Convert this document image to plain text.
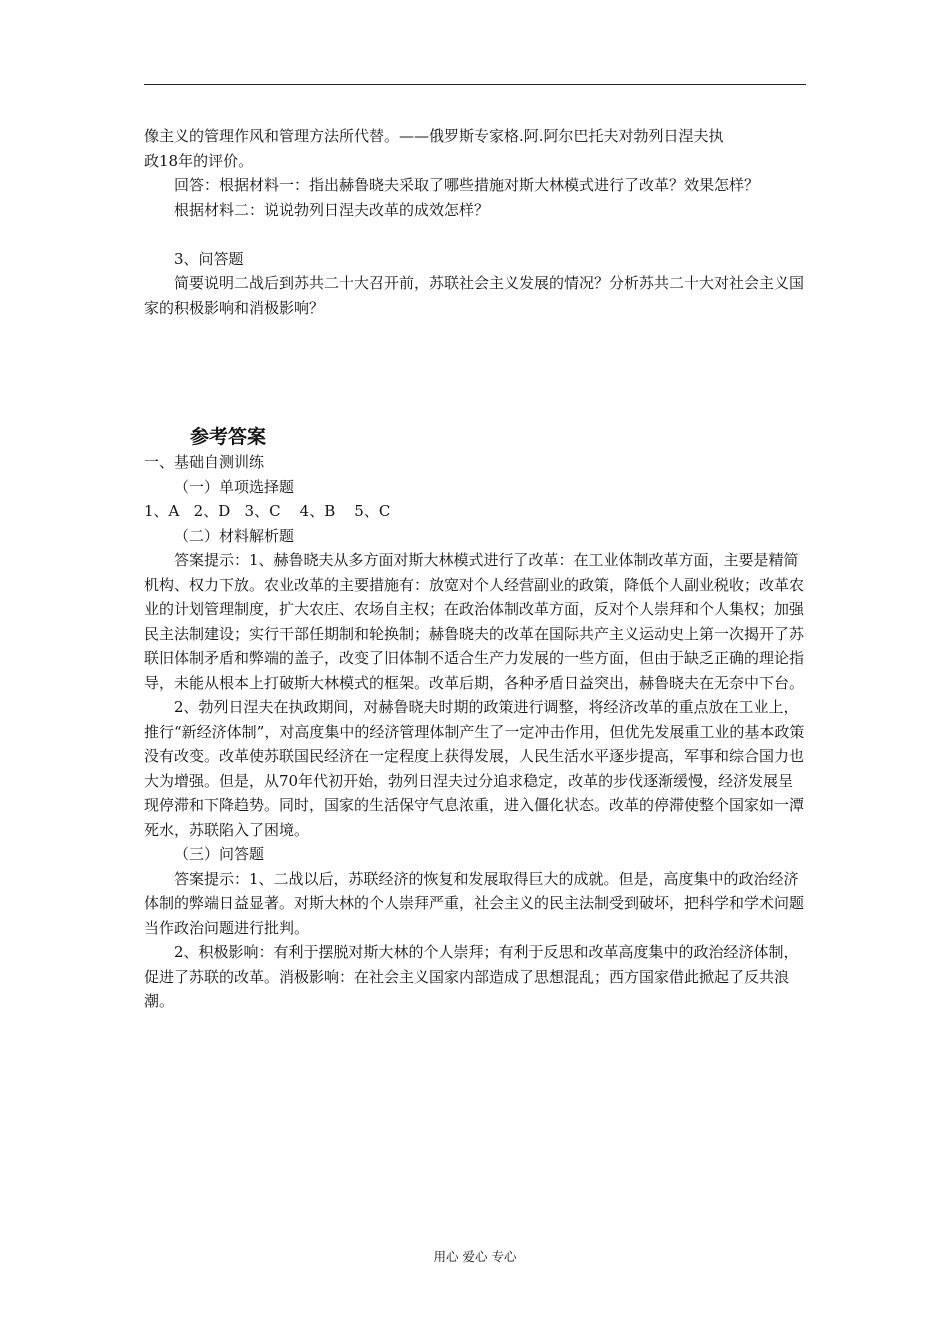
像主义的管理作风和管理方法所代替。——俄罗斯专家格.阿.阿尔巴托夫对勃列日涅夫执

政18年的评价。

回答：根据材料一：指出赫鲁晓夫采取了哪些措施对斯大林模式进行了改革？效果怎样？

根据材料二：说说勃列日涅夫改革的成效怎样？

3、问答题

简要说明二战后到苏共二十大召开前，苏联社会主义发展的情况？分析苏共二十大对社会主义国家的积极影响和消极影响？

参考答案

一、基础自测训练

（一）单项选择题

1、A   2、D   3、C    4、B    5、C

（二）材料解析题

答案提示：1、赫鲁晓夫从多方面对斯大林模式进行了改革：在工业体制改革方面，主要是精简机构、权力下放。农业改革的主要措施有：放宽对个人经营副业的政策，降低个人副业税收；改革农业的计划管理制度，扩大农庄、农场自主权；在政治体制改革方面，反对个人崇拜和个人集权；加强民主法制建设；实行干部任期制和轮换制；赫鲁晓夫的改革在国际共产主义运动史上第一次揭开了苏联旧体制矛盾和弊端的盖子，改变了旧体制不适合生产力发展的一些方面，但由于缺乏正确的理论指导，未能从根本上打破斯大林模式的框架。改革后期，各种矛盾日益突出，赫鲁晓夫在无奈中下台。

2、勃列日涅夫在执政期间，对赫鲁晓夫时期的政策进行调整，将经济改革的重点放在工业上，推行“新经济体制”，对高度集中的经济管理体制产生了一定冲击作用，但优先发展重工业的基本政策没有改变。改革使苏联国民经济在一定程度上获得发展，人民生活水平逐步提高，军事和综合国力也大为增强。但是，从70年代初开始，勃列日涅夫过分追求稳定，改革的步伐逐渐缓慢，经济发展呈现停滞和下降趋势。同时，国家的生活保守气息浓重，进入僵化状态。改革的停滞使整个国家如一潭死水，苏联陷入了困境。

（三）问答题

答案提示：1、二战以后，苏联经济的恢复和发展取得巨大的成就。但是，高度集中的政治经济体制的弊端日益显著。对斯大林的个人崇拜严重，社会主义的民主法制受到破坏，把科学和学术问题当作政治问题进行批判。

2、积极影响：有利于摆脱对斯大林的个人崇拜；有利于反思和改革高度集中的政治经济体制，促进了苏联的改革。消极影响：在社会主义国家内部造成了思想混乱；西方国家借此掀起了反共浪潮。

用心 爱心 专心
